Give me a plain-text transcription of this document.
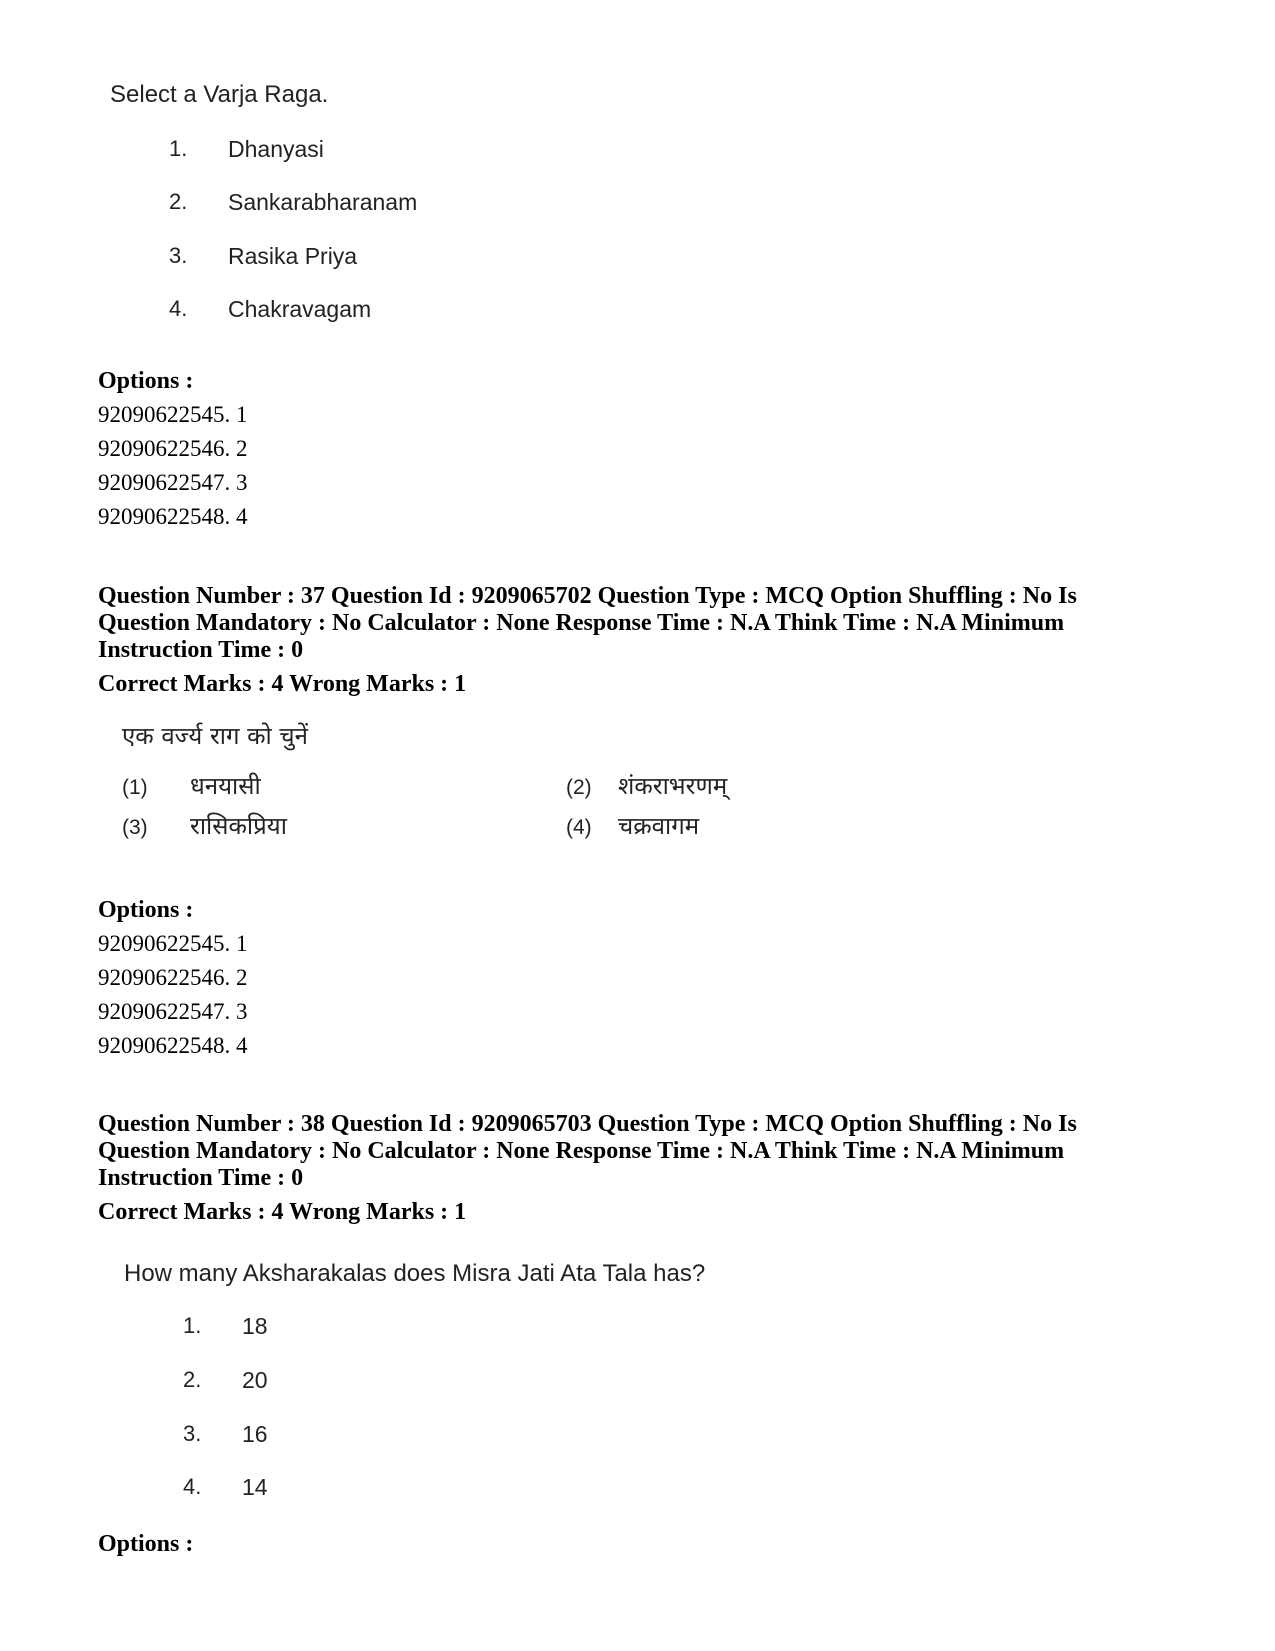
Select a Varja Raga.
1. Dhanyasi
2. Sankarabharanam
3. Rasika Priya
4. Chakravagam
Options :
92090622545. 1
92090622546. 2
92090622547. 3
92090622548. 4
Question Number : 37 Question Id : 9209065702 Question Type : MCQ Option Shuffling : No Is Question Mandatory : No Calculator : None Response Time : N.A Think Time : N.A Minimum Instruction Time : 0
Correct Marks : 4 Wrong Marks : 1
एक वर्ज्य राग को चुनें
(1) धनयासी	(2) शंकराभरणम्
(3) रासिकप्रिया	(4) चक्रवागम
Options :
92090622545. 1
92090622546. 2
92090622547. 3
92090622548. 4
Question Number : 38 Question Id : 9209065703 Question Type : MCQ Option Shuffling : No Is Question Mandatory : No Calculator : None Response Time : N.A Think Time : N.A Minimum Instruction Time : 0
Correct Marks : 4 Wrong Marks : 1
How many Aksharakalas does Misra Jati Ata Tala has?
1. 18
2. 20
3. 16
4. 14
Options :
